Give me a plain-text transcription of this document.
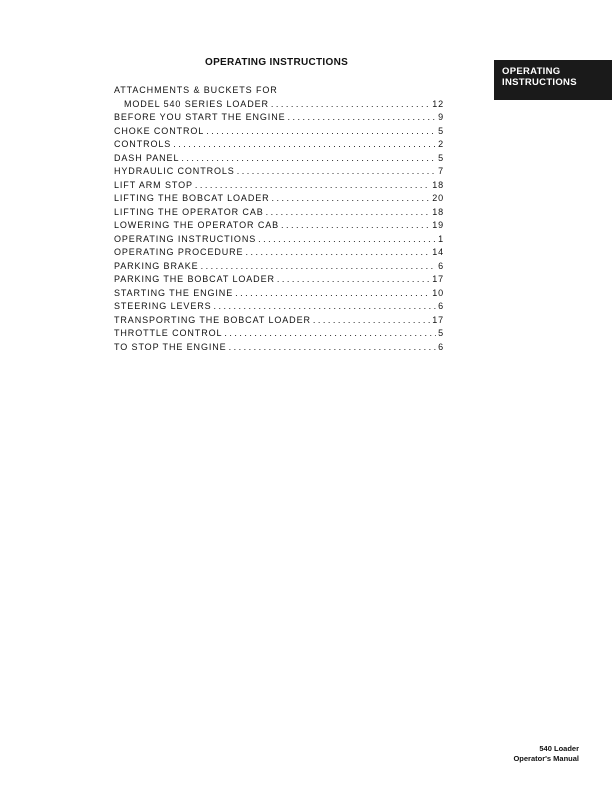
OPERATING INSTRUCTIONS
OPERATING
INSTRUCTIONS
ATTACHMENTS & BUCKETS FOR
MODEL 540 SERIES LOADER . . .	12
BEFORE YOU START THE ENGINE . . .	9
CHOKE CONTROL . . .	5
CONTROLS . . .	2
DASH PANEL . . .	5
HYDRAULIC CONTROLS . . .	7
LIFT ARM STOP . . .	18
LIFTING THE BOBCAT LOADER . . .	20
LIFTING THE OPERATOR CAB . . .	18
LOWERING THE OPERATOR CAB . . .	19
OPERATING INSTRUCTIONS . . .	1
OPERATING PROCEDURE . . .	14
PARKING BRAKE . . .	6
PARKING THE BOBCAT LOADER . . .	17
STARTING THE ENGINE . . .	10
STEERING LEVERS . . .	6
TRANSPORTING THE BOBCAT LOADER . . .	17
THROTTLE CONTROL . . .	5
TO STOP THE ENGINE . . .	6
540 Loader
Operator's Manual
